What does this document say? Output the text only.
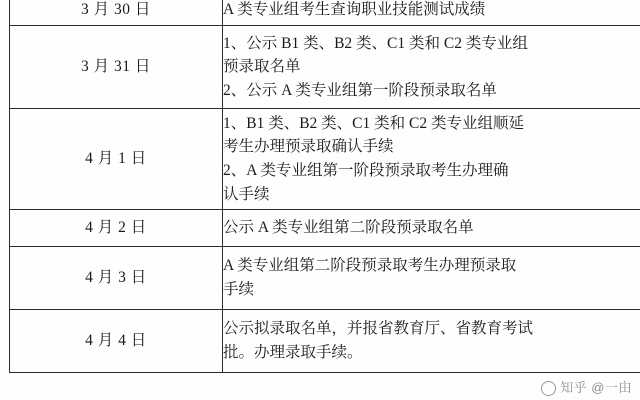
3 月 30 日	A 类专业组考生查询职业技能测试成绩

3 月 31 日	1、公示 B1 类、B2 类、C1 类和 C2 类专业组
预录取名单
2、公示 A 类专业组第一阶段预录取名单

4 月 1 日	1、B1 类、B2 类、C1 类和 C2 类专业组顺延
考生办理预录取确认手续
2、A 类专业组第一阶段预录取考生办理确
认手续

4 月 2 日	公示 A 类专业组第二阶段预录取名单

4 月 3 日	A 类专业组第二阶段预录取考生办理预录取
手续

4 月 4 日	公示拟录取名单，并报省教育厅、省教育考试
批。办理录取手续。
知乎 @一甶
